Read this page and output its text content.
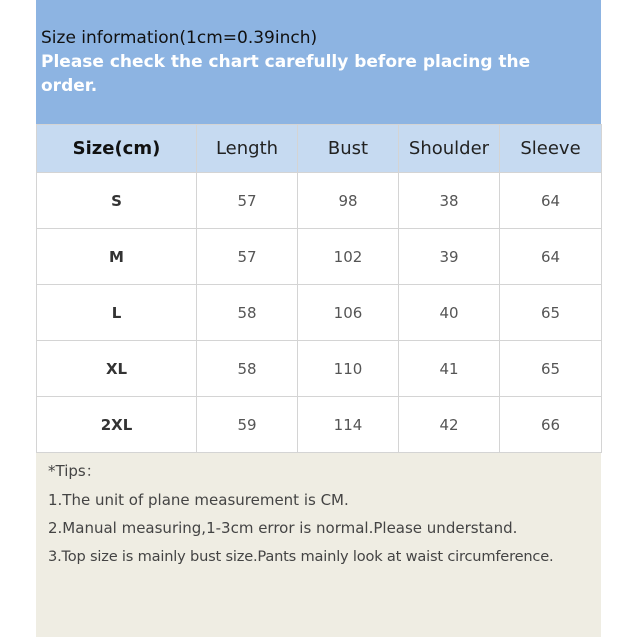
Size information(1cm=0.39inch)
Please check the chart carefully before placing the order.
Size(cm)	Length	Bust	Shoulder	Sleeve
S	57	98	38	64
M	57	102	39	64
L	58	106	40	65
XL	58	110	41	65
2XL	59	114	42	66
*Tips：
1.The unit of plane measurement is CM.
2.Manual measuring,1-3cm error is normal.Please understand.
3.Top size is mainly bust size.Pants mainly look at waist circumference.
